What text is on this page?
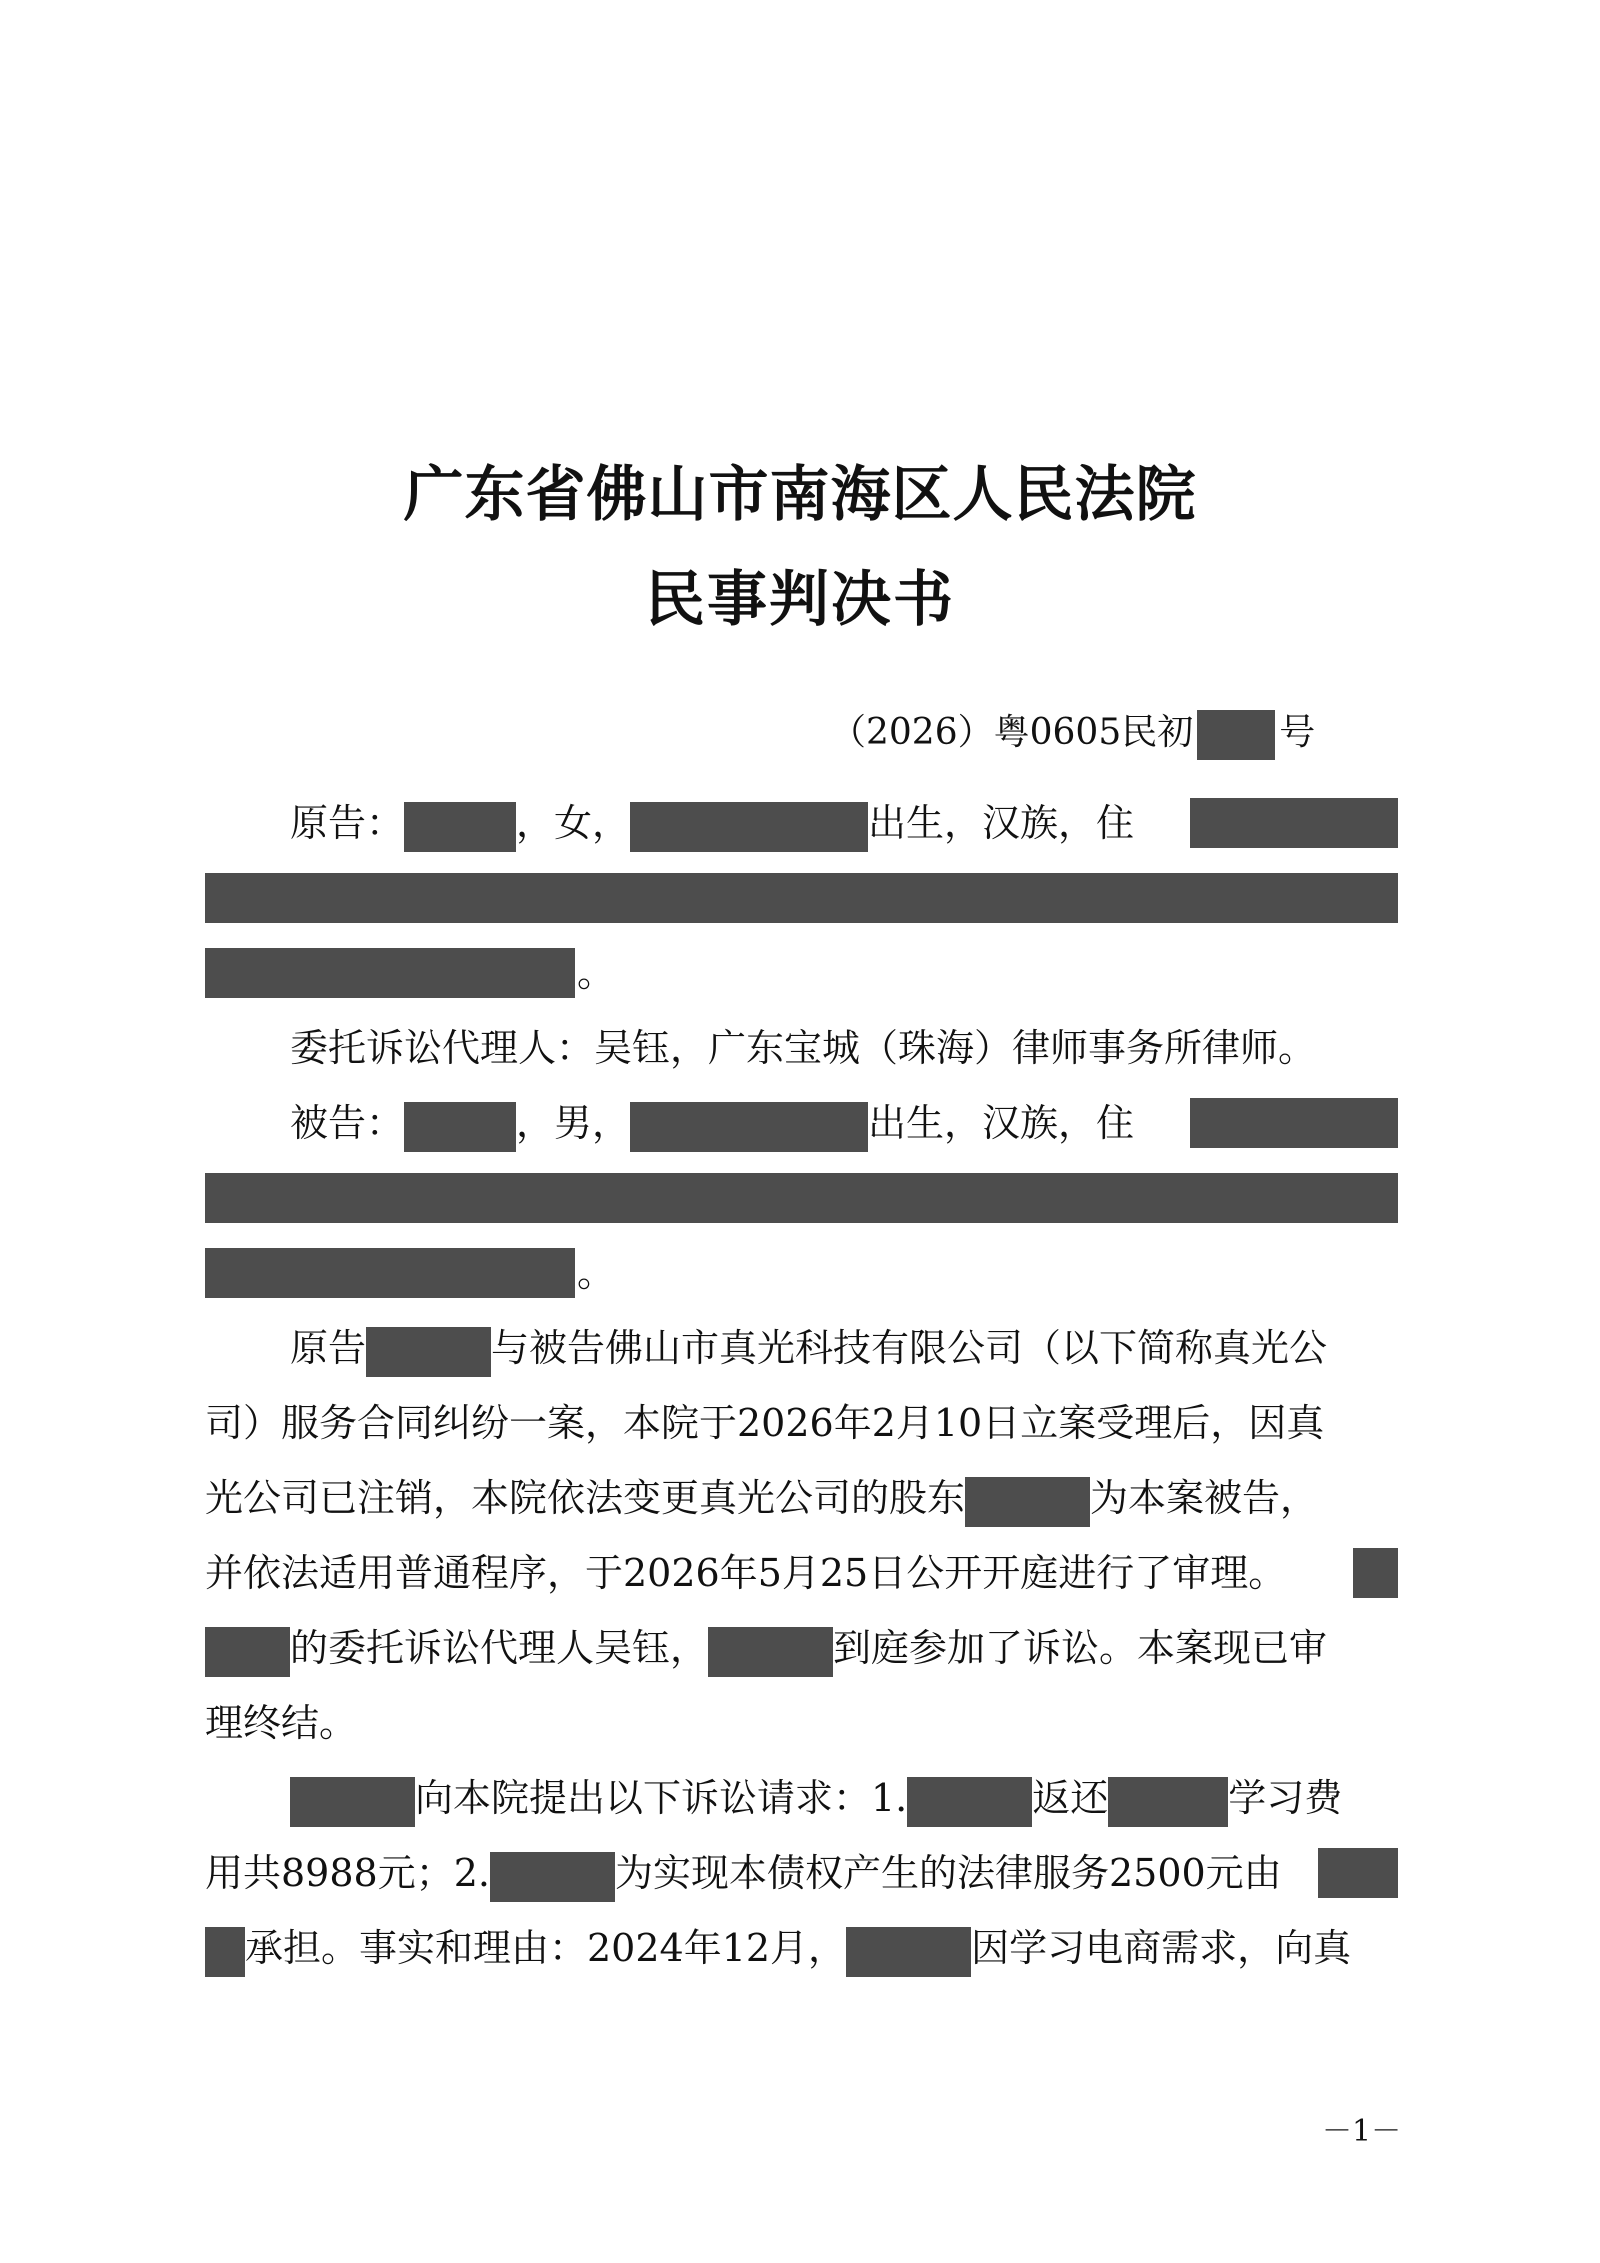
广东省佛山市南海区人民法院
民事判决书
（2026）粤0605民初 号
原告：	，女，	出生，汉族，住
。
委托诉讼代理人：吴钰，广东宝城（珠海）律师事务所律师。
被告：	，男，	出生，汉族，住
。
原告	与被告佛山市真光科技有限公司（以下简称真光公
司）服务合同纠纷一案，本院于2026年2月10日立案受理后，因真
光公司已注销，本院依法变更真光公司的股东	为本案被告，
并依法适用普通程序，于2026年5月25日公开开庭进行了审理。
的委托诉讼代理人吴钰，	到庭参加了诉讼。本案现已审
理终结。
向本院提出以下诉讼请求：1.	返还	学习费
用共8988元；2.	为实现本债权产生的法律服务2500元由
承担。事实和理由：2024年12月，	因学习电商需求，向真
－1－
